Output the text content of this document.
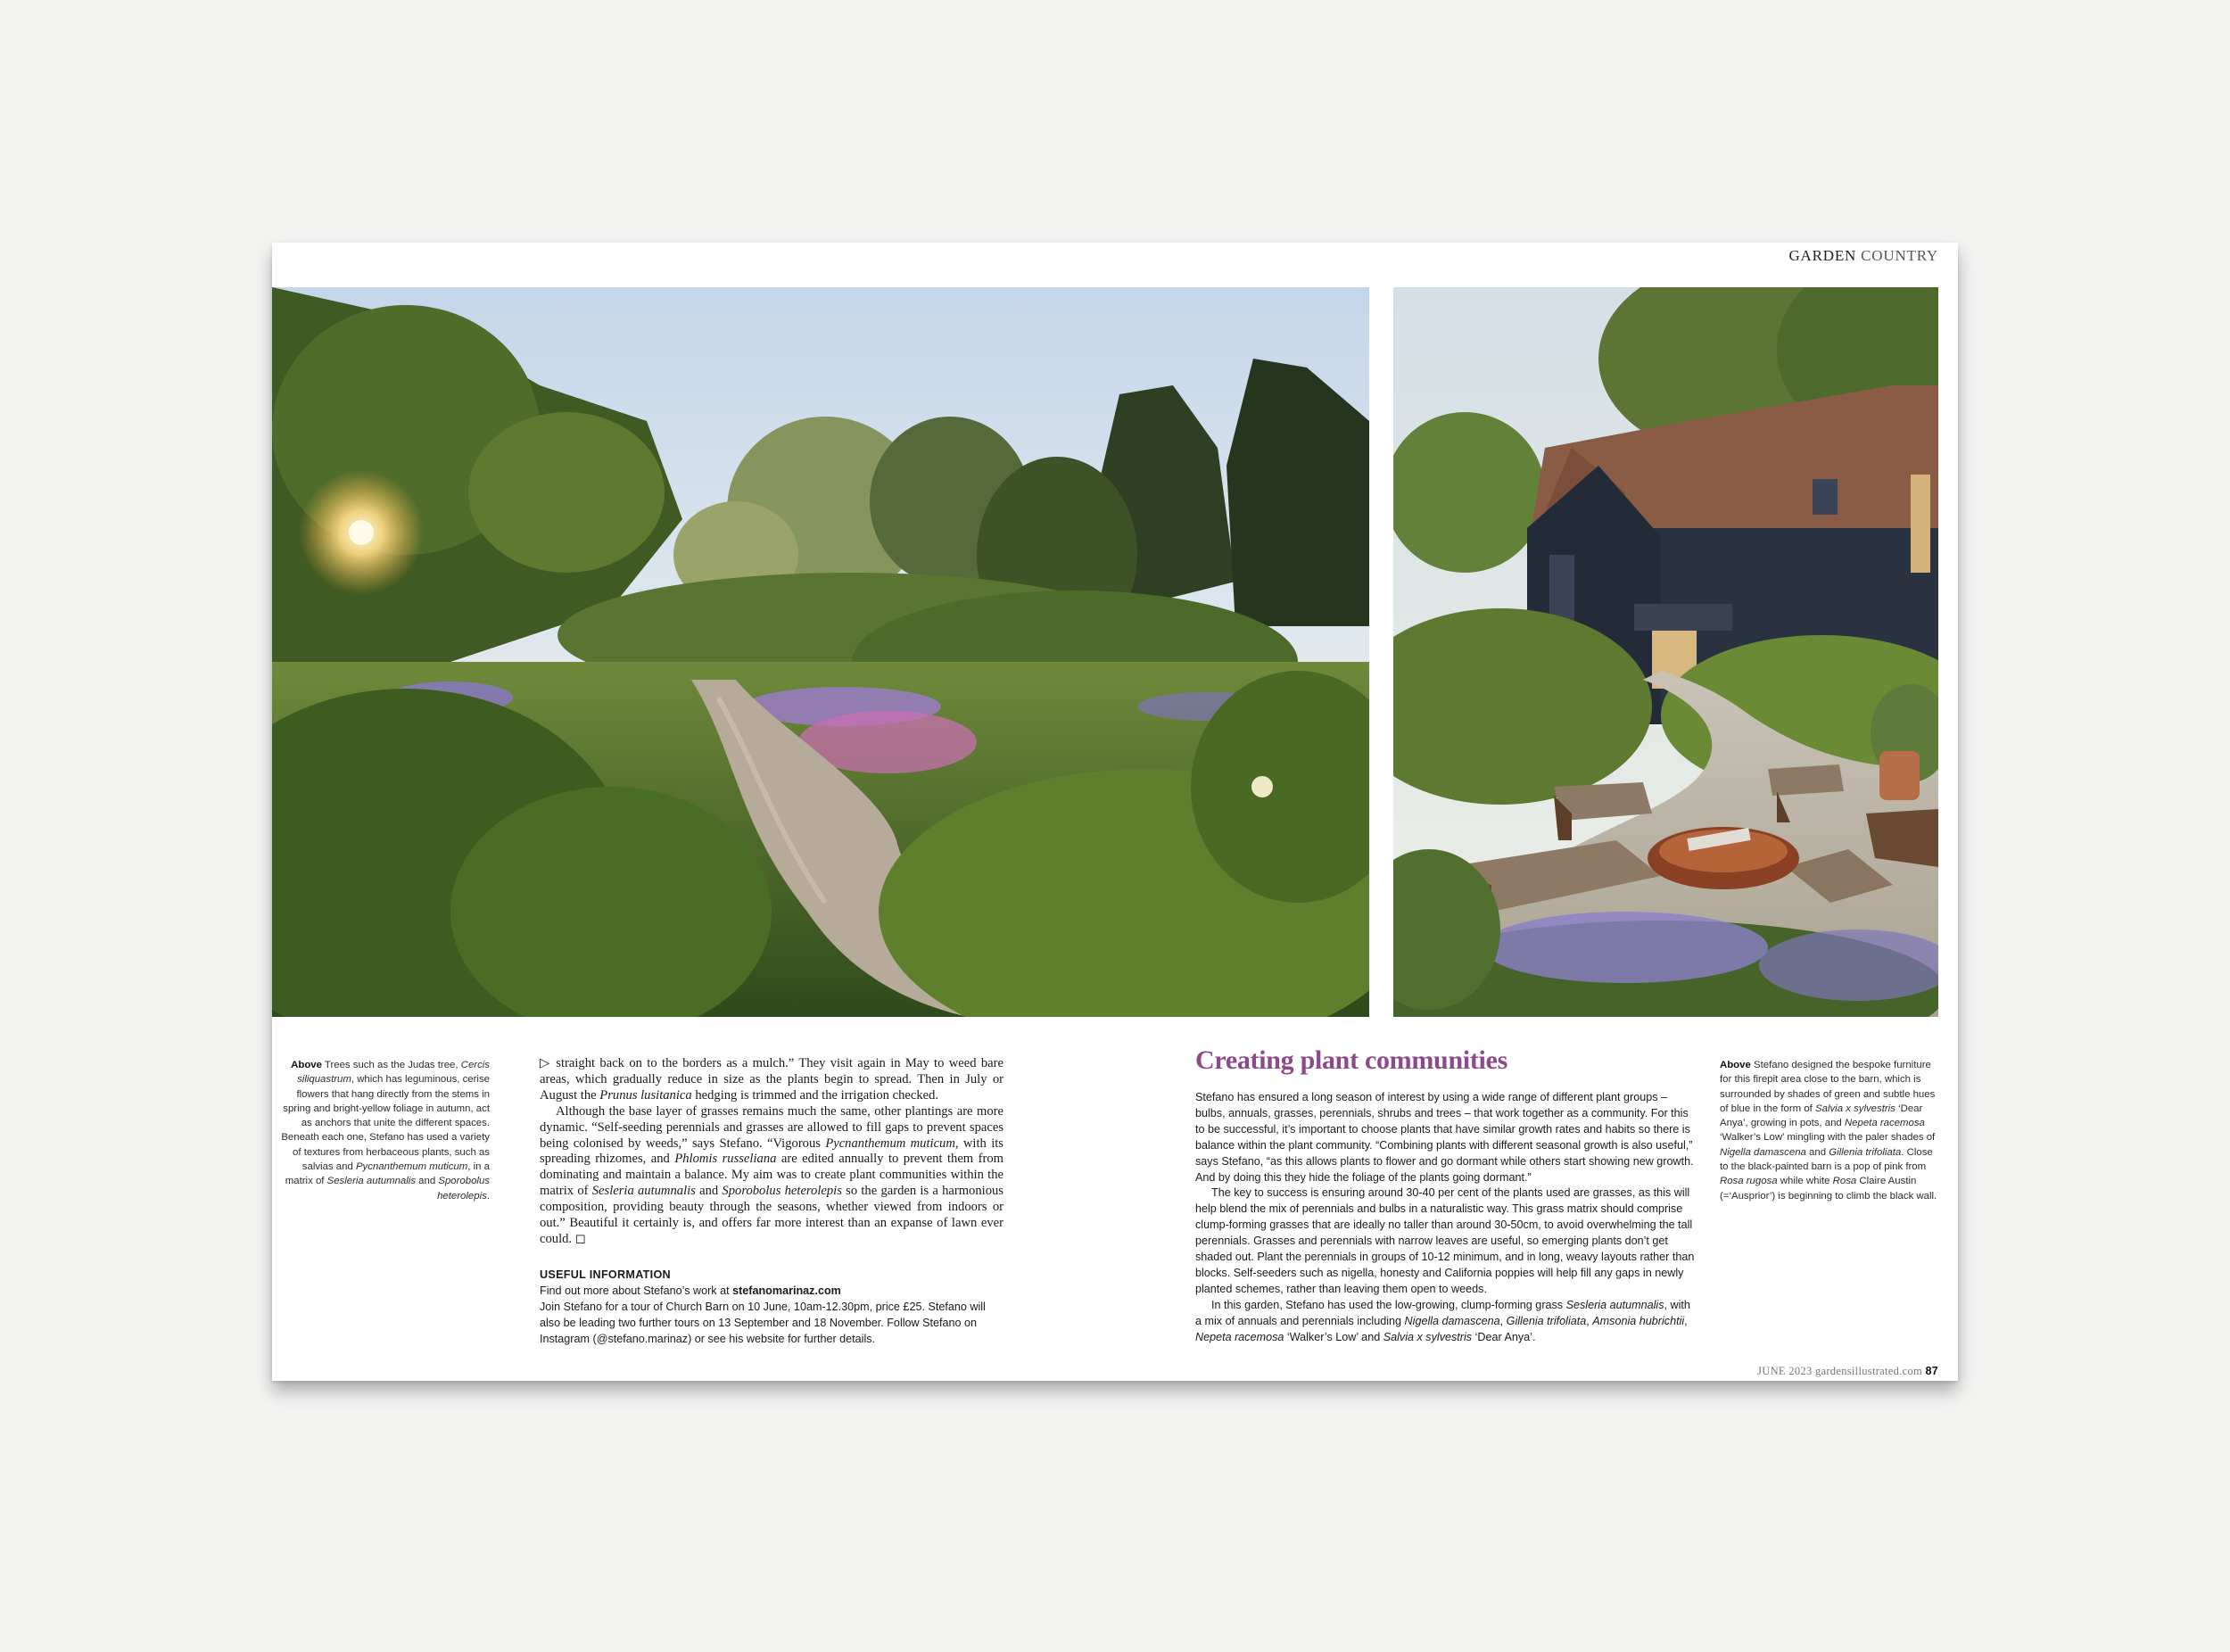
GARDEN COUNTRY
Above Trees such as the Judas tree, Cercis siliquastrum, which has leguminous, cerise flowers that hang directly from the stems in spring and bright-yellow foliage in autumn, act as anchors that unite the different spaces. Beneath each one, Stefano has used a variety of textures from herbaceous plants, such as salvias and Pycnanthemum muticum, in a matrix of Sesleria autumnalis and Sporobolus heterolepis.

▷ straight back on to the borders as a mulch.” They visit again in May to weed bare areas, which gradually reduce in size as the plants begin to spread. Then in July or August the Prunus lusitanica hedging is trimmed and the irrigation checked.

Although the base layer of grasses remains much the same, other plantings are more dynamic. “Self-seeding perennials and grasses are allowed to fill gaps to prevent spaces being colonised by weeds,” says Stefano. “Vigorous Pycnanthemum muticum, with its spreading rhizomes, and Phlomis russeliana are edited annually to prevent them from dominating and maintain a balance. My aim was to create plant communities within the matrix of Sesleria autumnalis and Sporobolus heterolepis so the garden is a harmonious composition, providing beauty through the seasons, whether viewed from indoors or out.” Beautiful it certainly is, and offers far more interest than an expanse of lawn ever could. ◻

USEFUL INFORMATION
Find out more about Stefano’s work at stefanomarinaz.com
Join Stefano for a tour of Church Barn on 10 June, 10am-12.30pm, price £25. Stefano will also be leading two further tours on 13 September and 18 November. Follow Stefano on Instagram (@stefano.marinaz) or see his website for further details.
Creating plant communities

Stefano has ensured a long season of interest by using a wide range of different plant groups – bulbs, annuals, grasses, perennials, shrubs and trees – that work together as a community. For this to be successful, it’s important to choose plants that have similar growth rates and habits so there is balance within the plant community. “Combining plants with different seasonal growth is also useful,” says Stefano, “as this allows plants to flower and go dormant while others start showing new growth. And by doing this they hide the foliage of the plants going dormant.”

The key to success is ensuring around 30-40 per cent of the plants used are grasses, as this will help blend the mix of perennials and bulbs in a naturalistic way. This grass matrix should comprise clump-forming grasses that are ideally no taller than around 30-50cm, to avoid overwhelming the tall perennials. Grasses and perennials with narrow leaves are useful, so emerging plants don’t get shaded out. Plant the perennials in groups of 10-12 minimum, and in long, weavy layouts rather than blocks. Self-seeders such as nigella, honesty and California poppies will help fill any gaps in newly planted schemes, rather than leaving them open to weeds.

In this garden, Stefano has used the low-growing, clump-forming grass Sesleria autumnalis, with a mix of annuals and perennials including Nigella damascena, Gillenia trifoliata, Amsonia hubrichtii, Nepeta racemosa ‘Walker’s Low’ and Salvia x sylvestris ‘Dear Anya’.

Above Stefano designed the bespoke furniture for this firepit area close to the barn, which is surrounded by shades of green and subtle hues of blue in the form of Salvia x sylvestris ‘Dear Anya’, growing in pots, and Nepeta racemosa ‘Walker’s Low’ mingling with the paler shades of Nigella damascena and Gillenia trifoliata. Close to the black-painted barn is a pop of pink from Rosa rugosa while white Rosa Claire Austin (=‘Ausprior’) is beginning to climb the black wall.
JUNE 2023 gardensillustrated.com 87
